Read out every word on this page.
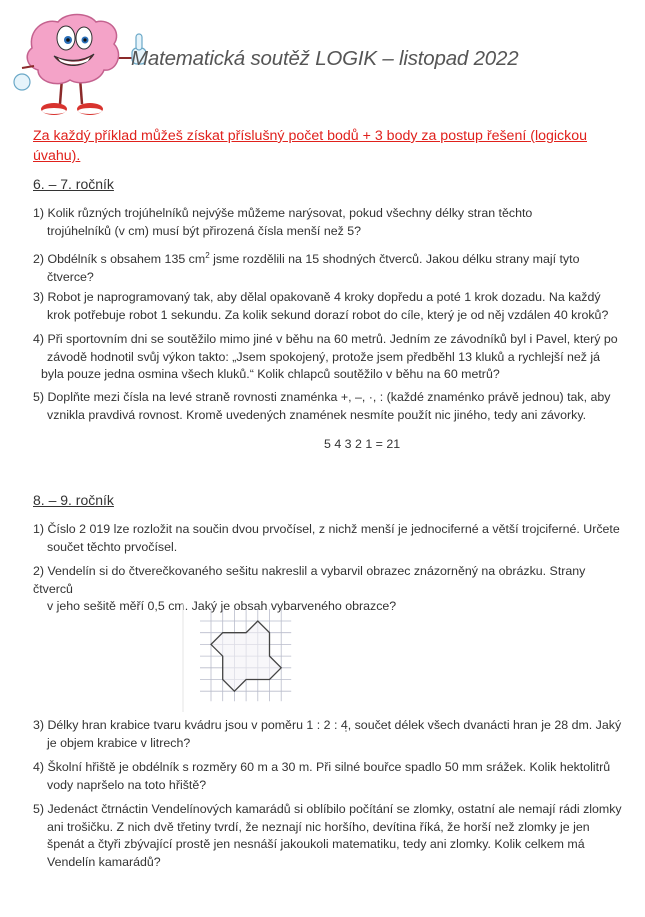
Matematická soutěž LOGIK – listopad 2022
Za každý příklad můžeš získat příslušný počet bodů + 3 body za postup řešení (logickou úvahu).
6. – 7. ročník
1) Kolik různých trojúhelníků nejvýše můžeme narýsovat, pokud všechny délky stran těchto
trojúhelníků (v cm) musí být přirozená čísla menší než 5?
2) Obdélník s obsahem 135 $cm^2$ jsme rozdělili na 15 shodných čtverců. Jakou délku strany mají tyto
čtverce?
3) Robot je naprogramovaný tak, aby dělal opakovaně 4 kroky dopředu a poté 1 krok dozadu. Na každý
krok potřebuje robot 1 sekundu. Za kolik sekund dorazí robot do cíle, který je od něj vzdálen 40 kroků?
4) Při sportovním dni se soutěžilo mimo jiné v běhu na 60 metrů. Jedním ze závodníků byl i Pavel, který po
závodě hodnotil svůj výkon takto: „Jsem spokojený, protože jsem předběhl 13 kluků a rychlejší než já
byla pouze jedna osmina všech kluků.“ Kolik chlapců soutěžilo v běhu na 60 metrů?
5) Doplňte mezi čísla na levé straně rovnosti znaménka +, –, ·, : (každé znaménko právě jednou) tak, aby
vznikla pravdivá rovnost. Kromě uvedených znamének nesmíte použít nic jiného, tedy ani závorky.
5 4 3 2 1 = 21
8. – 9. ročník
1) Číslo 2 019 lze rozložit na součin dvou prvočísel, z nichž menší je jednociferné a větší trojciferné. Určete
součet těchto prvočísel.
2) Vendelín si do čtverečkovaného sešitu nakreslil a vybarvil obrazec znázorněný na obrázku. Strany čtverců
v jeho sešitě měří 0,5 cm. Jaký je obsah vybarveného obrazce?
3) Délky hran krabice tvaru kvádru jsou v poměru 1 : 2 : 4, součet délek všech dvanácti hran je 28 dm. Jaký
je objem krabice v litrech?
4) Školní hřiště je obdélník s rozměry 60 m a 30 m. Při silné bouřce spadlo 50 mm srážek. Kolik hektolitrů
vody napršelo na toto hřiště?
5) Jedenáct čtrnáctin Vendelínových kamarádů si oblíbilo počítání se zlomky, ostatní ale nemají rádi zlomky
ani trošičku. Z nich dvě třetiny tvrdí, že neznají nic horšího, devítina říká, že horší než zlomky je jen
špenát a čtyři zbývající prostě jen nesnáší jakoukoli matematiku, tedy ani zlomky. Kolik celkem má
Vendelín kamarádů?
